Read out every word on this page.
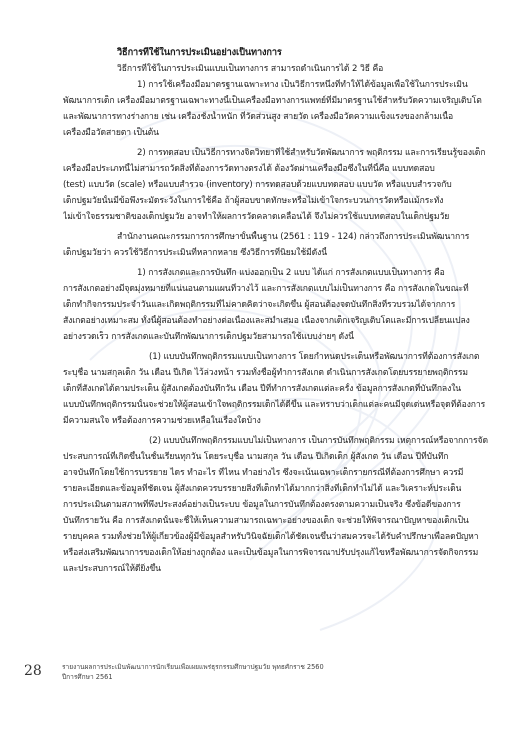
วิธีการที่ใช้ในการประเมินอย่างเป็นทางการ
วิธีการที่ใช้ในการประเมินแบบเป็นทางการ สามารถดำเนินการได้ 2 วิธี คือ
1) การใช้เครื่องมือมาตรฐานเฉพาะทาง เป็นวิธีการหนึ่งที่ทำให้ได้ข้อมูลเพื่อใช้ในการประเมิน
พัฒนาการเด็ก เครื่องมือมาตรฐานเฉพาะทางนี้เป็นเครื่องมือทางการแพทย์ที่มีมาตรฐานใช้สำหรับวัดความเจริญเติบโต
และพัฒนาการทางร่างกาย เช่น เครื่องชั่งน้ำหนัก ที่วัดส่วนสูง สายวัด เครื่องมือวัดความแข็งแรงของกล้ามเนื้อ
เครื่องมือวัดสายตา เป็นต้น
2) การทดสอบ เป็นวิธีการทางจิตวิทยาที่ใช้สำหรับวัดพัฒนาการ พฤติกรรม และการเรียนรู้ของเด็ก
เครื่องมือประเภทนี้ไม่สามารถวัดสิ่งที่ต้องการวัดทางตรงได้ ต้องวัดผ่านเครื่องมือซึ่งในที่นี้คือ แบบทดสอบ
(test) แบบวัด (scale) หรือแบบสำรวจ (inventory) การทดสอบด้วยแบบทดสอบ แบบวัด หรือแบบสำรวจกับ
เด็กปฐมวัยนั้นมีข้อพึงระมัดระวังในการใช้คือ ถ้าผู้สอบขาดทักษะหรือไม่เข้าใจกระบวนการวัดหรือแม้กระทั่ง
ไม่เข้าใจธรรมชาติของเด็กปฐมวัย อาจทำให้ผลการวัดคลาดเคลื่อนได้ จึงไม่ควรใช้แบบทดสอบในเด็กปฐมวัย
สำนักงานคณะกรรมการการศึกษาขั้นพื้นฐาน (2561 : 119 - 124) กล่าวถึงการประเมินพัฒนาการ
เด็กปฐมวัยว่า ควรใช้วิธีการประเมินที่หลากหลาย ซึ่งวิธีการที่นิยมใช้มีดังนี้
1) การสังเกตและการบันทึก แบ่งออกเป็น 2 แบบ ได้แก่ การสังเกตแบบเป็นทางการ คือ
การสังเกตอย่างมีจุดมุ่งหมายที่แน่นอนตามแผนที่วางไว้ และการสังเกตแบบไม่เป็นทางการ คือ การสังเกตในขณะที่
เด็กทำกิจกรรมประจำวันและเกิดพฤติกรรมที่ไม่คาดคิดว่าจะเกิดขึ้น ผู้สอนต้องจดบันทึกสิ่งที่รวบรวมได้จากการ
สังเกตอย่างเหมาะสม ทั้งนี้ผู้สอนต้องทำอย่างต่อเนื่องและสม่ำเสมอ เนื่องจากเด็กเจริญเติบโตและมีการเปลี่ยนแปลง
อย่างรวดเร็ว การสังเกตและบันทึกพัฒนาการเด็กปฐมวัยสามารถใช้แบบง่ายๆ ดังนี้
(1) แบบบันทึกพฤติกรรมแบบเป็นทางการ โดยกำหนดประเด็นหรือพัฒนาการที่ต้องการสังเกต
ระบุชื่อ นามสกุลเด็ก วัน เดือน ปีเกิด ไว้ล่วงหน้า รวมทั้งชื่อผู้ทำการสังเกต ดำเนินการสังเกตโดยบรรยายพฤติกรรม
เด็กที่สังเกตได้ตามประเด็น ผู้สังเกตต้องบันทึกวัน เดือน ปีที่ทำการสังเกตแต่ละครั้ง ข้อมูลการสังเกตที่บันทึกลงใน
แบบบันทึกพฤติกรรมนั้นจะช่วยให้ผู้สอนเข้าใจพฤติกรรมเด็กได้ดีขึ้น และทราบว่าเด็กแต่ละคนมีจุดเด่นหรือจุดที่ต้องการ
มีความสนใจ หรือต้องการความช่วยเหลือในเรื่องใดบ้าง
(2) แบบบันทึกพฤติกรรมแบบไม่เป็นทางการ เป็นการบันทึกพฤติกรรม เหตุการณ์หรือจากการจัด
ประสบการณ์ที่เกิดขึ้นในชั้นเรียนทุกวัน โดยระบุชื่อ นามสกุล วัน เดือน ปีเกิดเด็ก ผู้สังเกต วัน เดือน ปีที่บันทึก
อาจบันทึกโดยใช้การบรรยาย ไดร ทำอะไร ที่ไหน ทำอย่างไร ซึ่งจะเน้นเฉพาะเด็กรายกรณีที่ต้องการศึกษา ควรมี
รายละเอียดและข้อมูลที่ชัดเจน ผู้สังเกตควรบรรยายสิ่งที่เด็กทำได้มากกว่าสิ่งที่เด็กทำไม่ได้ และวิเคราะห์ประเด็น
การประเมินตามสภาพที่พึงประสงค์อย่างเป็นระบบ ข้อมูลในการบันทึกต้องตรงตามความเป็นจริง ซึ่งข้อดีของการ
บันทึกรายวัน คือ การสังเกตนั้นจะชี้ให้เห็นความสามารถเฉพาะอย่างของเด็ก จะช่วยให้พิจารณาปัญหาของเด็กเป็น
รายบุคคล รวมทั้งช่วยให้ผู้เกี่ยวข้องผู้มีข้อมูลสำหรับวินิจฉัยเด็กได้ชัดเจนขึ้นว่าสมควรจะได้รับคำปรึกษาเพื่อลดปัญหา
หรือส่งเสริมพัฒนาการของเด็กให้อย่างถูกต้อง และเป็นข้อมูลในการพิจารณาปรับปรุงแก้ไขหรือพัฒนาการจัดกิจกรรม
และประสบการณ์ให้ดียิ่งขึ้น
28	รายงานผลการประเมินพัฒนาการนักเรียนเพื่อเผยแพร่ธุรกรรมศึกษาปฐมวัย พุทธศักราช 2560
ปีการศึกษา 2561
